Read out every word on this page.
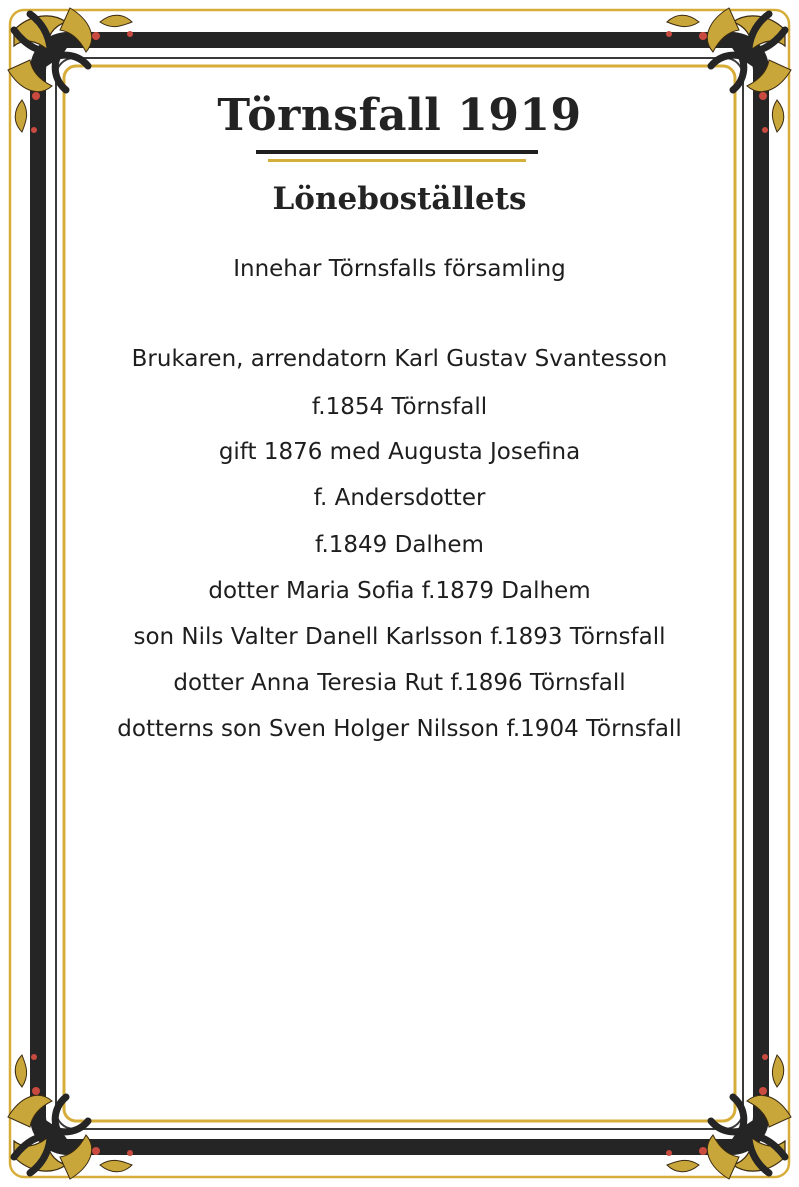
Törnsfall 1919
Löneboställets
Innehar Törnsfalls församling
Brukaren, arrendatorn Karl Gustav Svantesson
f.1854 Törnsfall
gift 1876 med Augusta Josefina
f. Andersdotter
f.1849 Dalhem
dotter Maria Sofia f.1879 Dalhem
son Nils Valter Danell Karlsson f.1893 Törnsfall
dotter Anna Teresia Rut f.1896 Törnsfall
dotterns son Sven Holger Nilsson f.1904 Törnsfall
